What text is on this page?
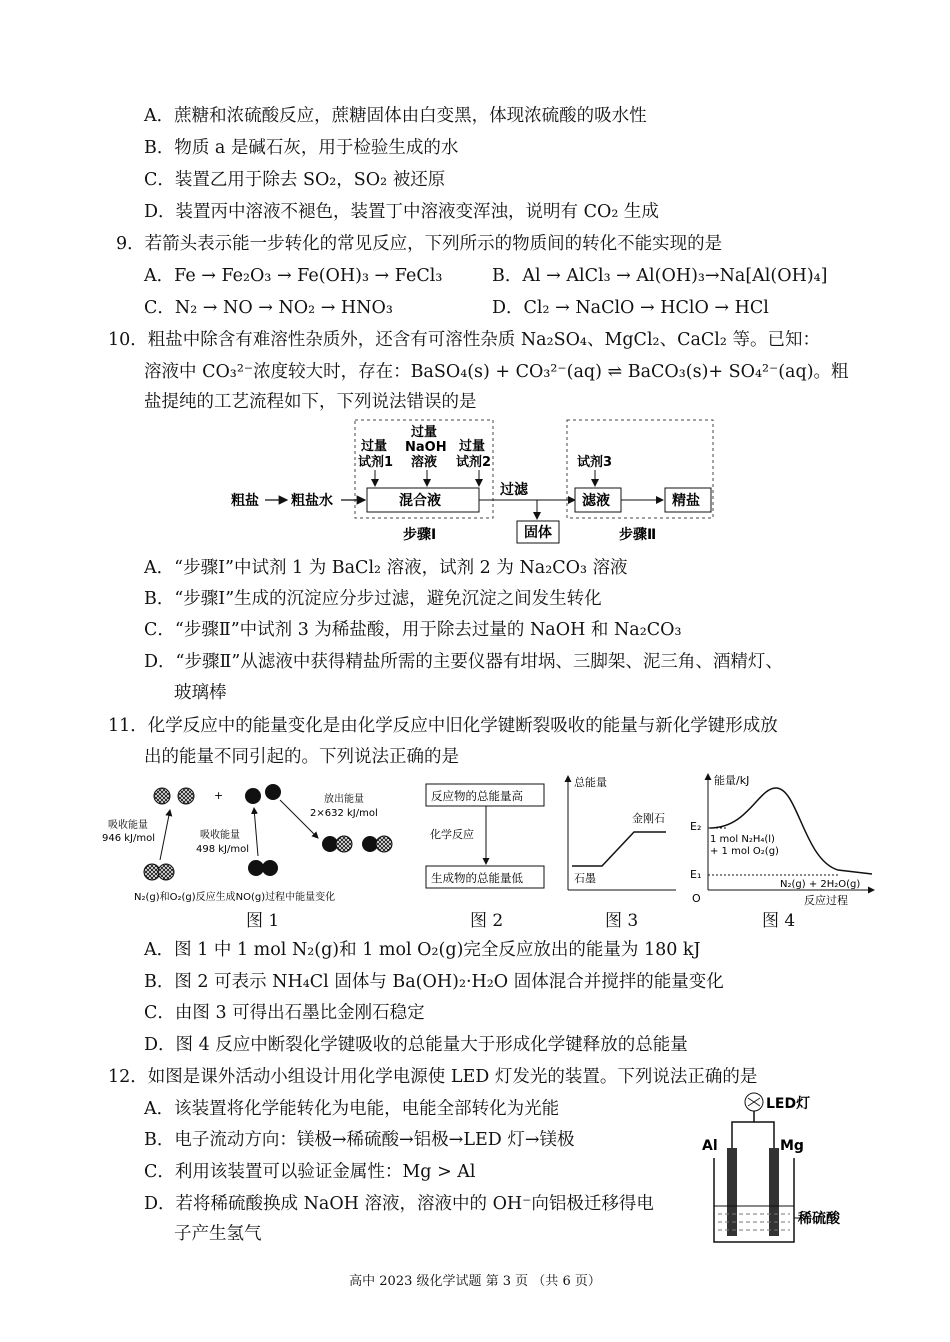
A．蔗糖和浓硫酸反应，蔗糖固体由白变黑，体现浓硫酸的吸水性
B．物质 a 是碱石灰，用于检验生成的水
C．装置乙用于除去 SO₂，SO₂ 被还原
D．装置丙中溶液不褪色，装置丁中溶液变浑浊，说明有 CO₂ 生成
9．若箭头表示能一步转化的常见反应，下列所示的物质间的转化不能实现的是
A．Fe → Fe₂O₃ → Fe(OH)₃ → FeCl₃	B．Al → AlCl₃ → Al(OH)₃→Na[Al(OH)₄]
C．N₂ → NO → NO₂ → HNO₃	D．Cl₂ → NaClO → HClO → HCl
10．粗盐中除含有难溶性杂质外，还含有可溶性杂质 Na₂SO₄、MgCl₂、CaCl₂ 等。已知：
溶液中 CO₃²⁻浓度较大时，存在：BaSO₄(s) + CO₃²⁻(aq) ⇌ BaCO₃(s)+ SO₄²⁻(aq)。粗
盐提纯的工艺流程如下，下列说法错误的是
粗盐 粗盐水
过量
试剂1
过量
NaOH
溶液
过量
试剂2
混合液
过滤
固体
试剂3
滤液	精盐
步骤Ⅰ	步骤Ⅱ
A．“步骤Ⅰ”中试剂 1 为 BaCl₂ 溶液，试剂 2 为 Na₂CO₃ 溶液
B．“步骤Ⅰ”生成的沉淀应分步过滤，避免沉淀之间发生转化
C．“步骤Ⅱ”中试剂 3 为稀盐酸，用于除去过量的 NaOH 和 Na₂CO₃
D．“步骤Ⅱ”从滤液中获得精盐所需的主要仪器有坩埚、三脚架、泥三角、酒精灯、
玻璃棒
11．化学反应中的能量变化是由化学反应中旧化学键断裂吸收的能量与新化学键形成放
出的能量不同引起的。下列说法正确的是
+
吸收能量
946 kJ/mol	吸收能量
498 kJ/mol
放出能量
2×632 kJ/mol
N₂(g)和O₂(g)反应生成NO(g)过程中能量变化
反应物的总能量高
化学反应
生成物的总能量低
总能量
石墨
金刚石
能量/kJ
E₂
E₁
O
1 mol N₂H₄(l)
+ 1 mol O₂(g)
N₂(g) + 2H₂O(g)
反应过程
图 1	图 2	图 3	图 4
A．图 1 中 1 mol N₂(g)和 1 mol O₂(g)完全反应放出的能量为 180 kJ
B．图 2 可表示 NH₄Cl 固体与 Ba(OH)₂·H₂O 固体混合并搅拌的能量变化
C．由图 3 可得出石墨比金刚石稳定
D．图 4 反应中断裂化学键吸收的总能量大于形成化学键释放的总能量
12．如图是课外活动小组设计用化学电源使 LED 灯发光的装置。下列说法正确的是
A．该装置将化学能转化为电能，电能全部转化为光能
B．电子流动方向：镁极→稀硫酸→铝极→LED 灯→镁极
C．利用该装置可以验证金属性：Mg > Al
D．若将稀硫酸换成 NaOH 溶液，溶液中的 OH⁻向铝极迁移得电
子产生氢气
LED灯
Al	Mg
稀硫酸
高中 2023 级化学试题 第 3 页 （共 6 页）
